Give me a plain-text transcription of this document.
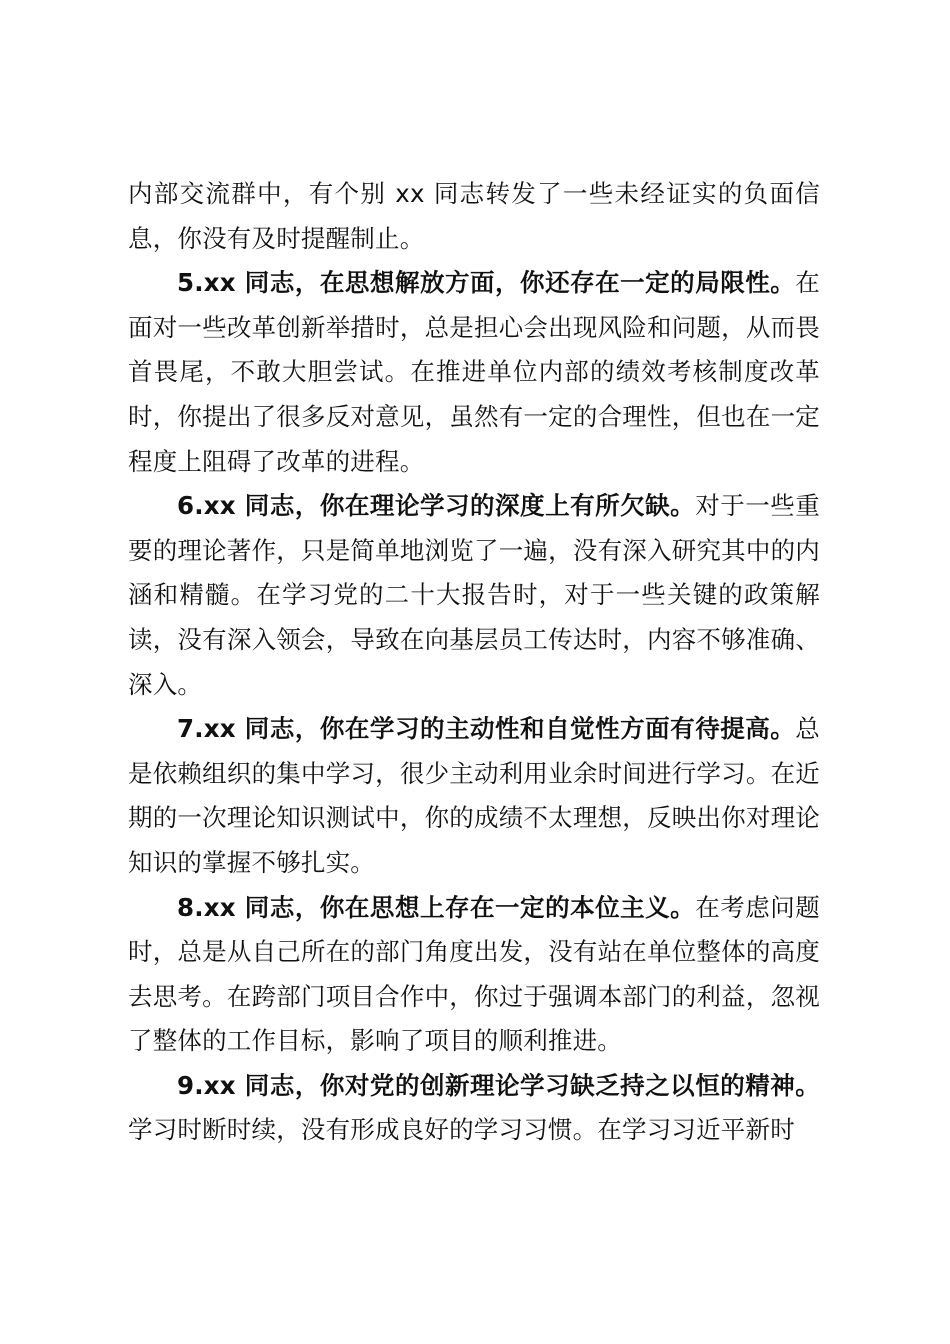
内部交流群中，有个别 xx 同志转发了一些未经证实的负面信息，你没有及时提醒制止。

5.xx 同志，在思想解放方面，你还存在一定的局限性。在面对一些改革创新举措时，总是担心会出现风险和问题，从而畏首畏尾，不敢大胆尝试。在推进单位内部的绩效考核制度改革时，你提出了很多反对意见，虽然有一定的合理性，但也在一定程度上阻碍了改革的进程。

6.xx 同志，你在理论学习的深度上有所欠缺。对于一些重要的理论著作，只是简单地浏览了一遍，没有深入研究其中的内涵和精髓。在学习党的二十大报告时，对于一些关键的政策解读，没有深入领会，导致在向基层员工传达时，内容不够准确、深入。

7.xx 同志，你在学习的主动性和自觉性方面有待提高。总是依赖组织的集中学习，很少主动利用业余时间进行学习。在近期的一次理论知识测试中，你的成绩不太理想，反映出你对理论知识的掌握不够扎实。

8.xx 同志，你在思想上存在一定的本位主义。在考虑问题时，总是从自己所在的部门角度出发，没有站在单位整体的高度去思考。在跨部门项目合作中，你过于强调本部门的利益，忽视了整体的工作目标，影响了项目的顺利推进。

9.xx 同志，你对党的创新理论学习缺乏持之以恒的精神。学习时断时续，没有形成良好的学习习惯。在学习习近平新时
